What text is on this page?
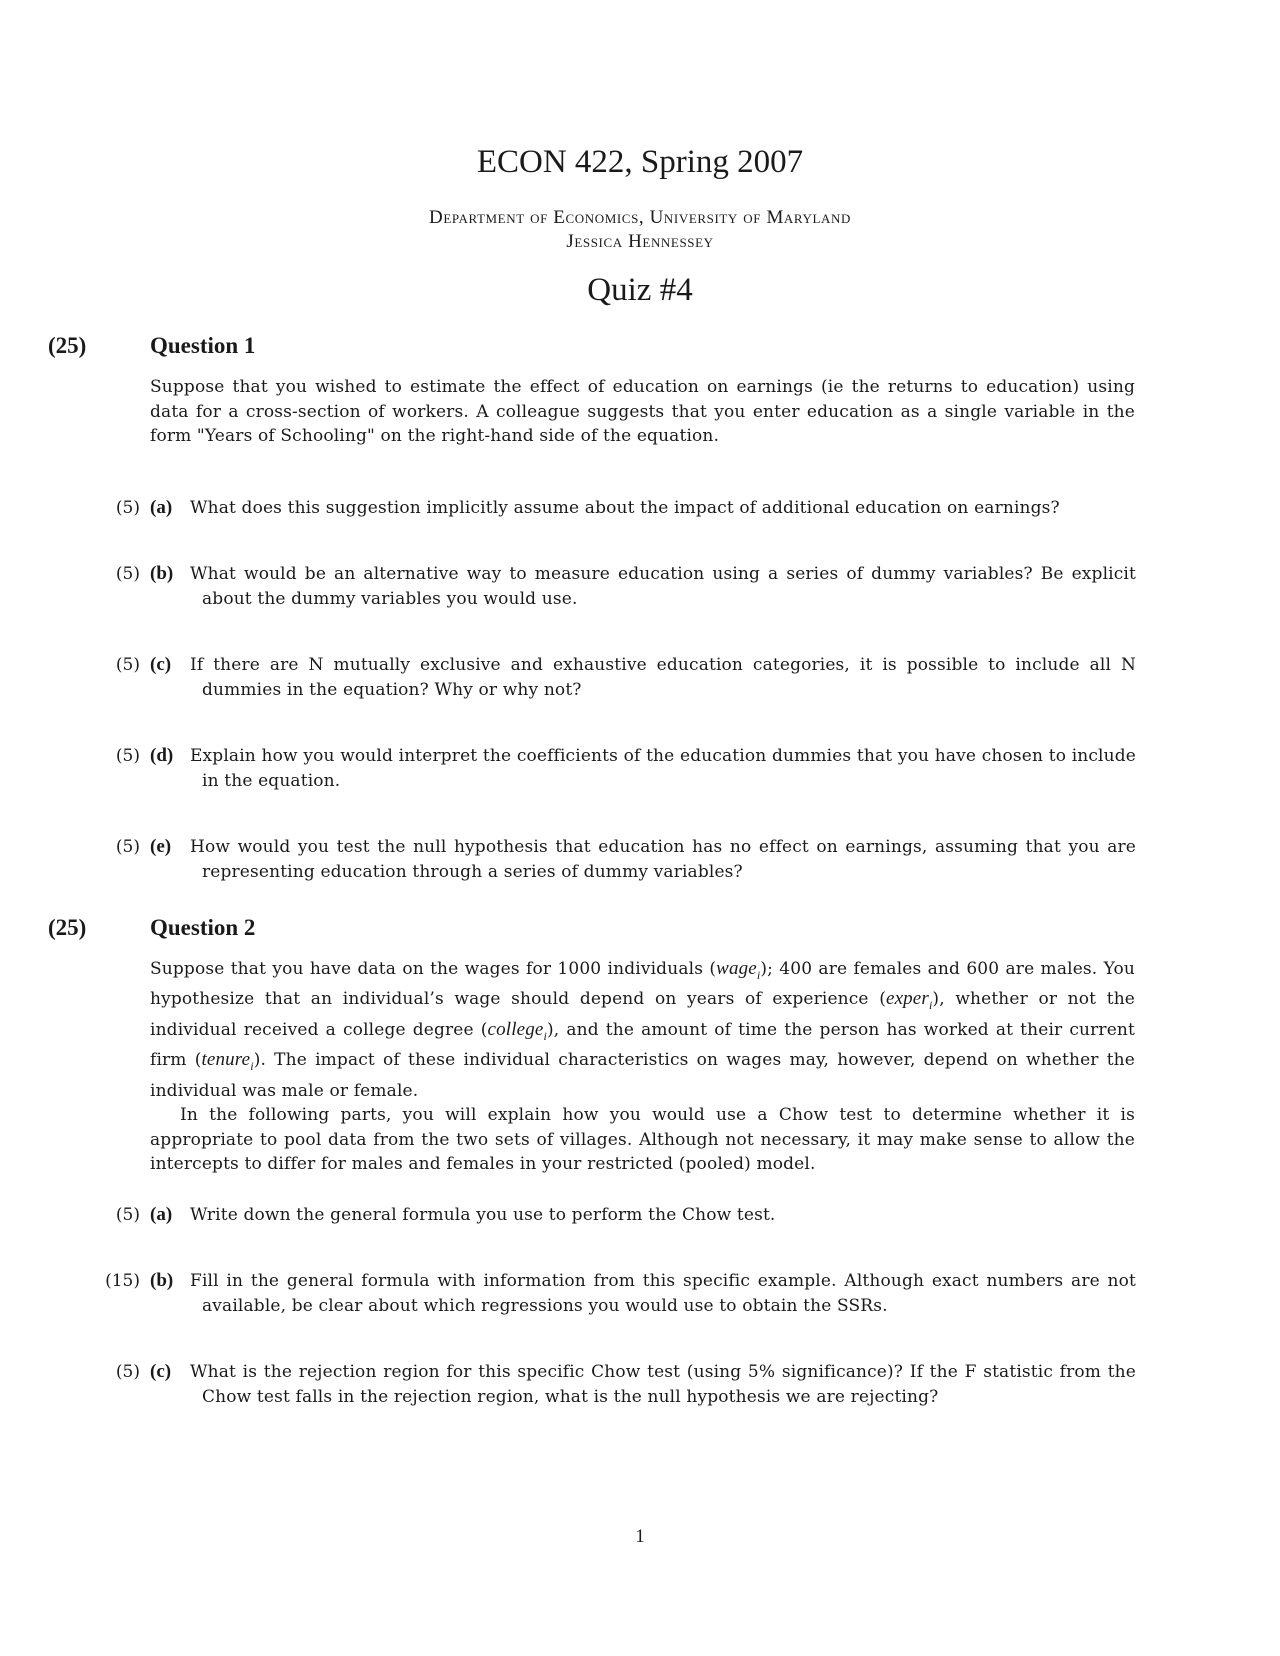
ECON 422, Spring 2007
Department of Economics, University of Maryland
Jessica Hennessey
Quiz #4
(25)	Question 1

Suppose that you wished to estimate the effect of education on earnings (ie the returns to education) using data for a cross-section of workers. A colleague suggests that you enter education as a single variable in the form "Years of Schooling" on the right-hand side of the equation.

(5) (a) What does this suggestion implicitly assume about the impact of additional education on earnings?
(5) (b) What would be an alternative way to measure education using a series of dummy variables? Be explicit about the dummy variables you would use.
(5) (c) If there are N mutually exclusive and exhaustive education categories, it is possible to include all N dummies in the equation? Why or why not?
(5) (d) Explain how you would interpret the coefficients of the education dummies that you have chosen to include in the equation.
(5) (e) How would you test the null hypothesis that education has no effect on earnings, assuming that you are representing education through a series of dummy variables?
(25)	Question 2

Suppose that you have data on the wages for 1000 individuals (wage$_i$); 400 are females and 600 are males. You hypothesize that an individual’s wage should depend on years of experience (exper$_i$), whether or not the individual received a college degree (college$_i$), and the amount of time the person has worked at their current firm (tenure$_i$). The impact of these individual characteristics on wages may, however, depend on whether the individual was male or female.

In the following parts, you will explain how you would use a Chow test to determine whether it is appropriate to pool data from the two sets of villages. Although not necessary, it may make sense to allow the intercepts to differ for males and females in your restricted (pooled) model.

(5) (a) Write down the general formula you use to perform the Chow test.
(15) (b) Fill in the general formula with information from this specific example. Although exact numbers are not available, be clear about which regressions you would use to obtain the SSRs.
(5) (c) What is the rejection region for this specific Chow test (using 5% significance)? If the F statistic from the Chow test falls in the rejection region, what is the null hypothesis we are rejecting?
1
